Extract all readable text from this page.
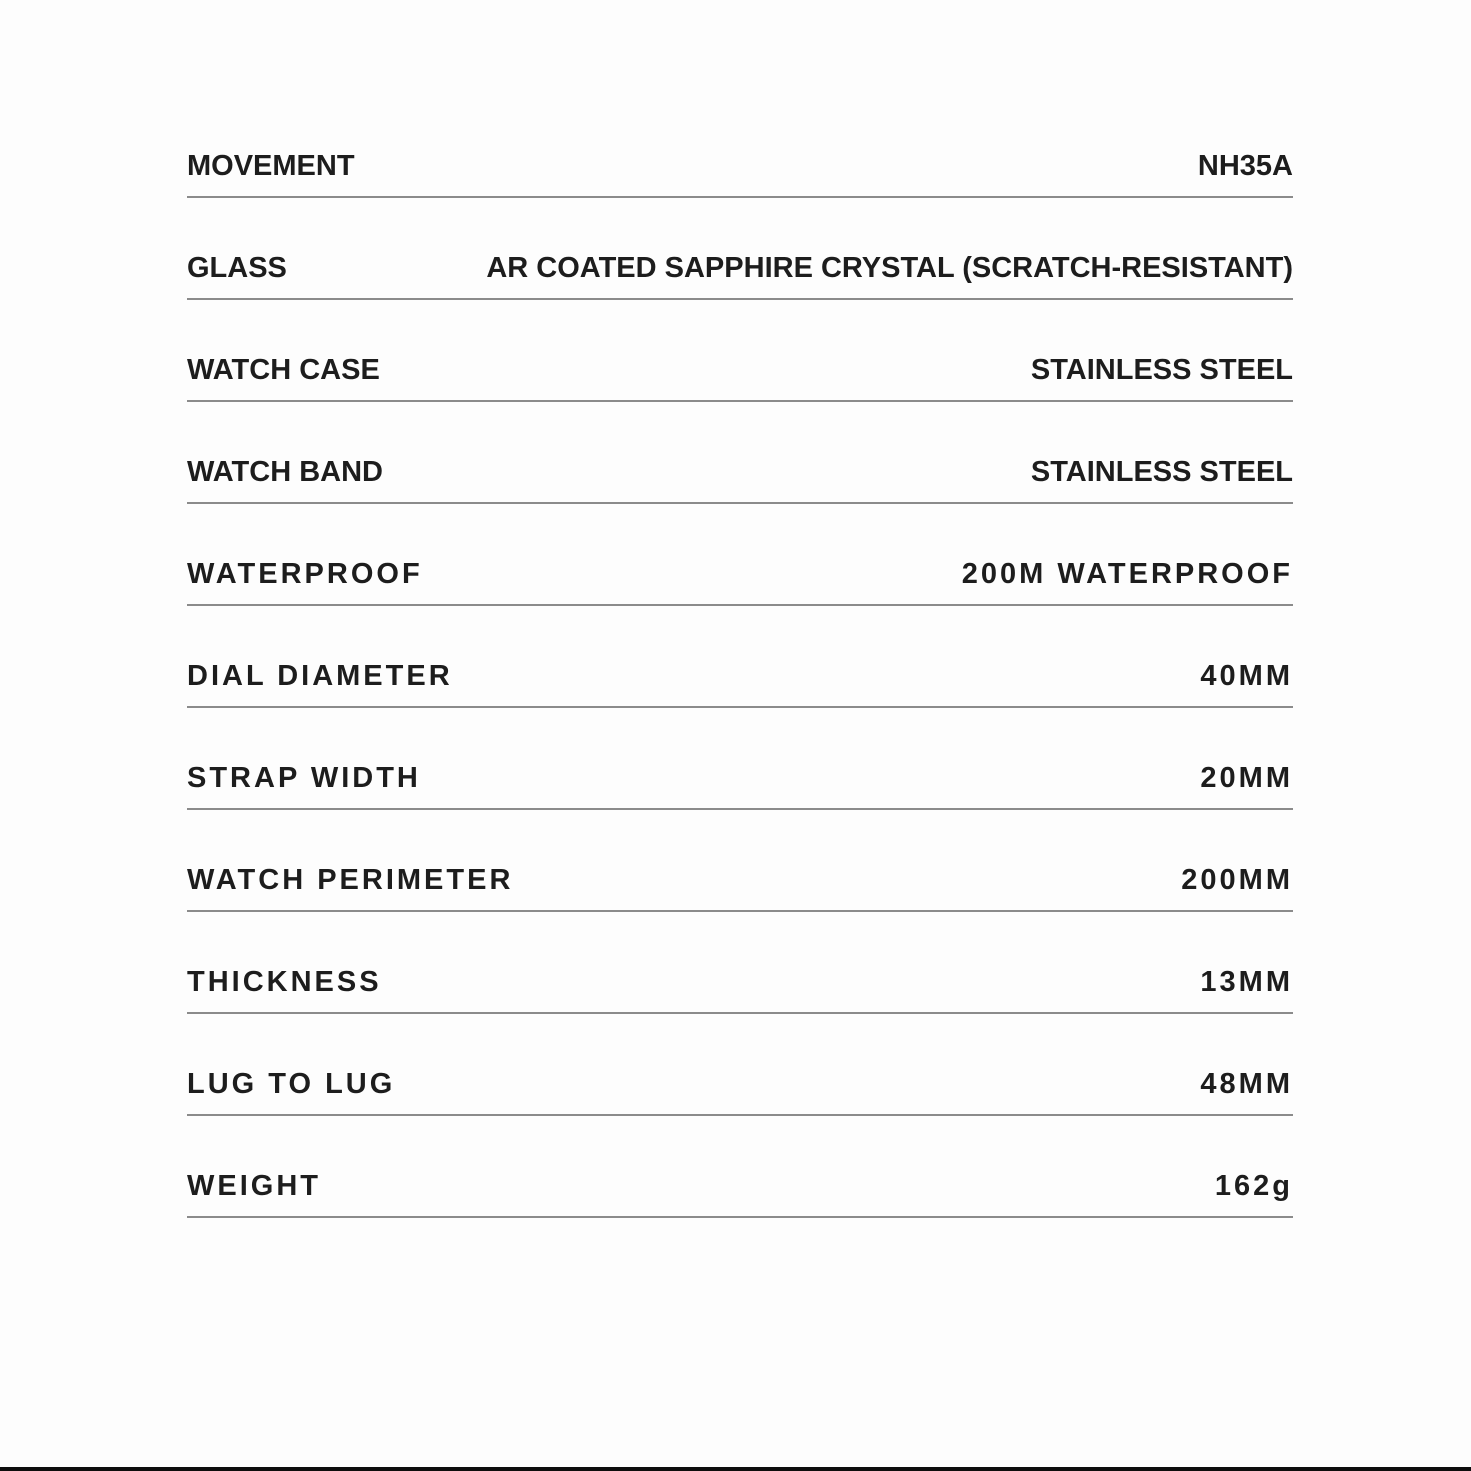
MOVEMENT	NH35A
GLASS	AR COATED SAPPHIRE CRYSTAL (SCRATCH-RESISTANT)
WATCH CASE	STAINLESS STEEL
WATCH BAND	STAINLESS STEEL
WATERPROOF	200M WATERPROOF
DIAL DIAMETER	40MM
STRAP WIDTH	20MM
WATCH PERIMETER	200MM
THICKNESS	13MM
LUG TO LUG	48MM
WEIGHT	162g
